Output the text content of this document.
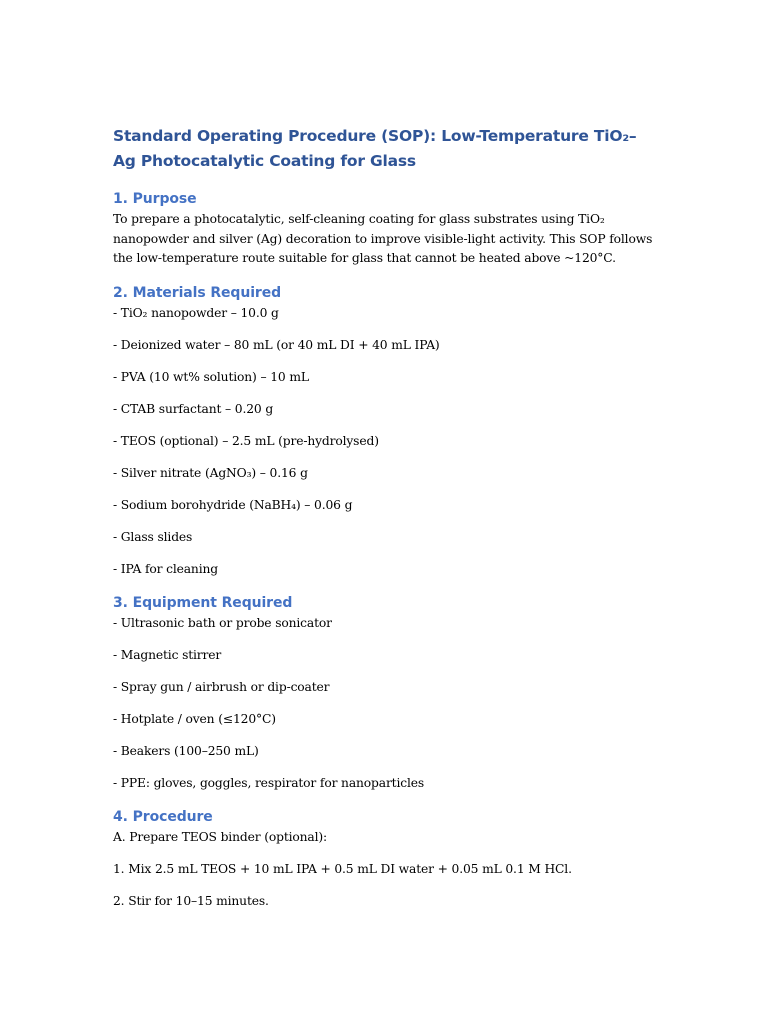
Standard Operating Procedure (SOP): Low-Temperature TiO₂–Ag Photocatalytic Coating for Glass
1. Purpose

To prepare a photocatalytic, self-cleaning coating for glass substrates using TiO₂ nanopowder and silver (Ag) decoration to improve visible-light activity. This SOP follows the low-temperature route suitable for glass that cannot be heated above ~120°C.

2. Materials Required

- TiO₂ nanopowder – 10.0 g

- Deionized water – 80 mL (or 40 mL DI + 40 mL IPA)

- PVA (10 wt% solution) – 10 mL

- CTAB surfactant – 0.20 g

- TEOS (optional) – 2.5 mL (pre-hydrolysed)

- Silver nitrate (AgNO₃) – 0.16 g

- Sodium borohydride (NaBH₄) – 0.06 g

- Glass slides

- IPA for cleaning

3. Equipment Required

- Ultrasonic bath or probe sonicator

- Magnetic stirrer

- Spray gun / airbrush or dip-coater

- Hotplate / oven (≤120°C)

- Beakers (100–250 mL)

- PPE: gloves, goggles, respirator for nanoparticles

4. Procedure

A. Prepare TEOS binder (optional):

1. Mix 2.5 mL TEOS + 10 mL IPA + 0.5 mL DI water + 0.05 mL 0.1 M HCl.

2. Stir for 10–15 minutes.
